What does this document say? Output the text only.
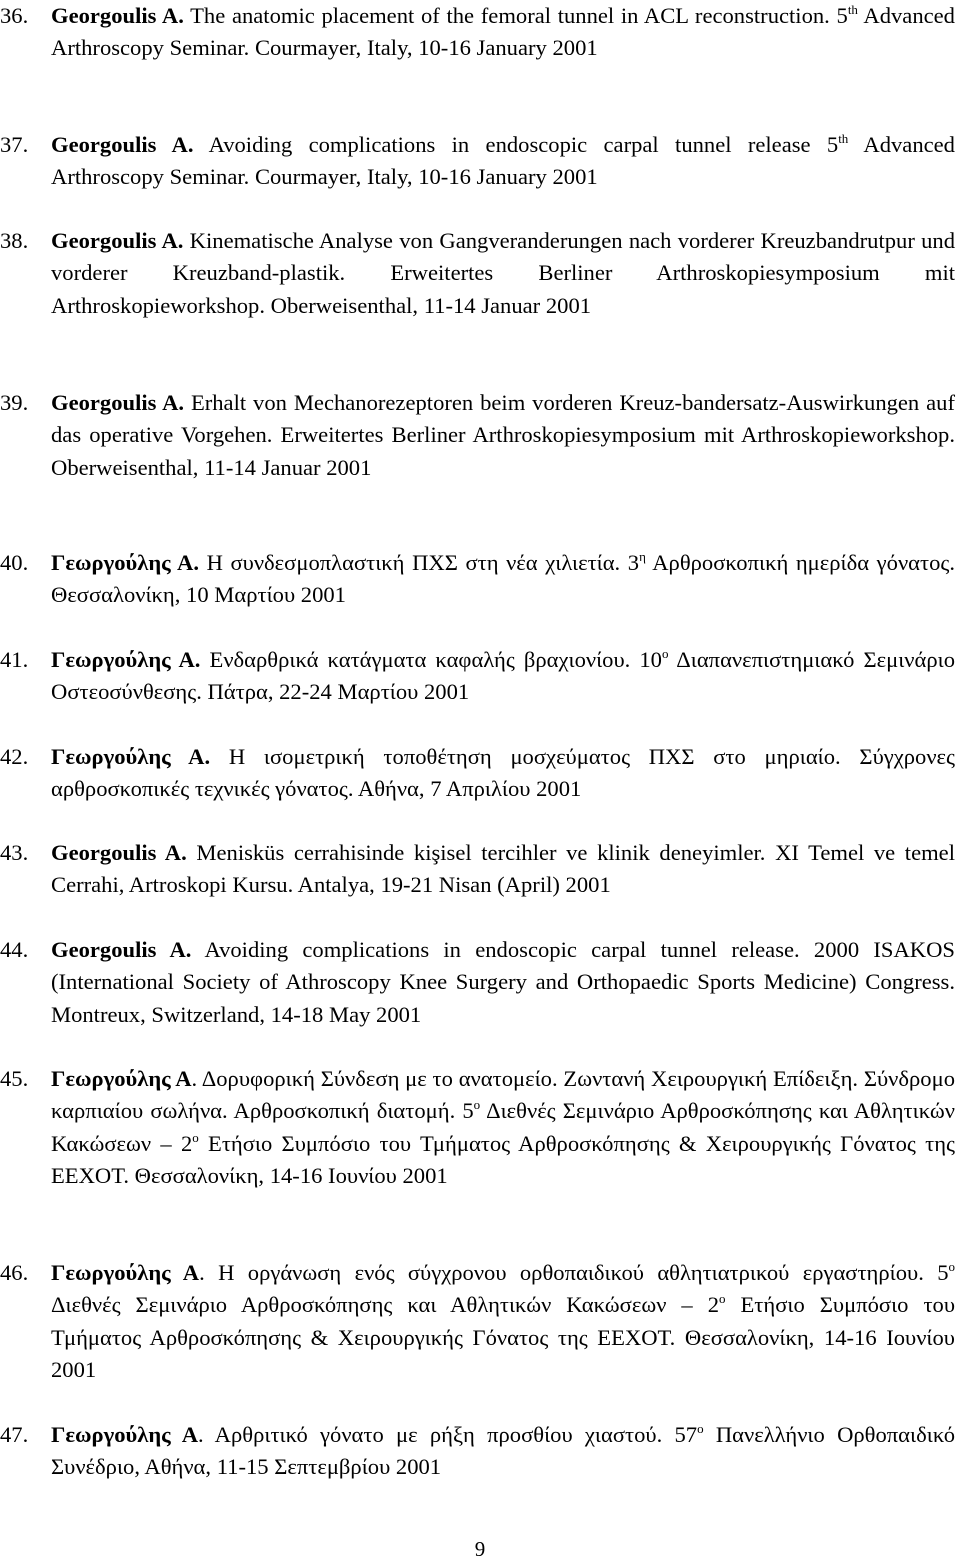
36.	Georgoulis A. The anatomic placement of the femoral tunnel in ACL reconstruction. 5th Advanced Arthroscopy Seminar. Courmayer, Italy, 10-16 January 2001
37.	Georgoulis A. Avoiding complications in endoscopic carpal tunnel release 5th Advanced Arthroscopy Seminar. Courmayer, Italy, 10-16 January 2001
38.	Georgoulis A. Kinematische Analyse von Gangveranderungen nach vorderer Kreuzbandrutpur und vorderer Kreuzband-plastik. Erweitertes Berliner Arthroskopiesymposium mit Arthroskopieworkshop. Oberweisenthal, 11-14 Januar 2001
39.	Georgoulis A. Erhalt von Mechanorezeptoren beim vorderen Kreuz-bandersatz-Auswirkungen auf das operative Vorgehen. Erweitertes Berliner Arthroskopiesymposium mit Arthroskopieworkshop. Oberweisenthal, 11-14 Januar 2001
40.	Γεωργούλης Α. Η συνδεσμοπλαστική ΠΧΣ στη νέα χιλιετία. $3^\eta$ Αρθροσκοπική ημερίδα γόνατος. Θεσσαλονίκη, 10 Μαρτίου 2001
41.	Γεωργούλης Α. Ενδαρθρικά κατάγματα καφαλής βραχιονίου. $10^o$ Διαπανεπιστημιακό Σεμινάριο Οστεοσύνθεσης. Πάτρα, 22-24 Μαρτίου 2001
42.	Γεωργούλης Α. Η ισομετρική τοποθέτηση μοσχεύματος ΠΧΣ στο μηριαίο. Σύγχρονες αρθροσκοπικές τεχνικές γόνατος. Αθήνα, 7 Απριλίου 2001
43.	Georgoulis A. Menisküs cerrahisinde kişisel tercihler ve klinik deneyimler. XI Temel ve temel Cerrahi, Artroskopi Kursu. Antalya, 19-21 Nisan (April) 2001
44.	Georgoulis A. Avoiding complications in endoscopic carpal tunnel release. 2000 ISAKOS (International Society of Athroscopy Knee Surgery and Orthopaedic Sports Medicine) Congress. Montreux, Switzerland, 14-18 May 2001
45.	Γεωργούλης Α. Δορυφορική Σύνδεση με το ανατομείο. Ζωντανή Χειρουργική Επίδειξη. Σύνδρομο καρπιαίου σωλήνα. Αρθροσκοπική διατομή. $5^o$ Διεθνές Σεμινάριο Αρθροσκόπησης και Αθλητικών Κακώσεων – $2^o$ Ετήσιο Συμπόσιο του Τμήματος Αρθροσκόπησης & Χειρουργικής Γόνατος της ΕΕΧΟΤ. Θεσσαλονίκη, 14-16 Ιουνίου 2001
46.	Γεωργούλης Α. Η οργάνωση ενός σύγχρονου ορθοπαιδικού αθλητιατρικού εργαστηρίου. $5^o$ Διεθνές Σεμινάριο Αρθροσκόπησης και Αθλητικών Κακώσεων – $2^o$ Ετήσιο Συμπόσιο του Τμήματος Αρθροσκόπησης & Χειρουργικής Γόνατος της ΕΕΧΟΤ. Θεσσαλονίκη, 14-16 Ιουνίου 2001
47.	Γεωργούλης Α. Αρθριτικό γόνατο με ρήξη προσθίου χιαστού. $57^o$ Πανελλήνιο Ορθοπαιδικό Συνέδριο, Αθήνα, 11-15 Σεπτεμβρίου 2001
9
